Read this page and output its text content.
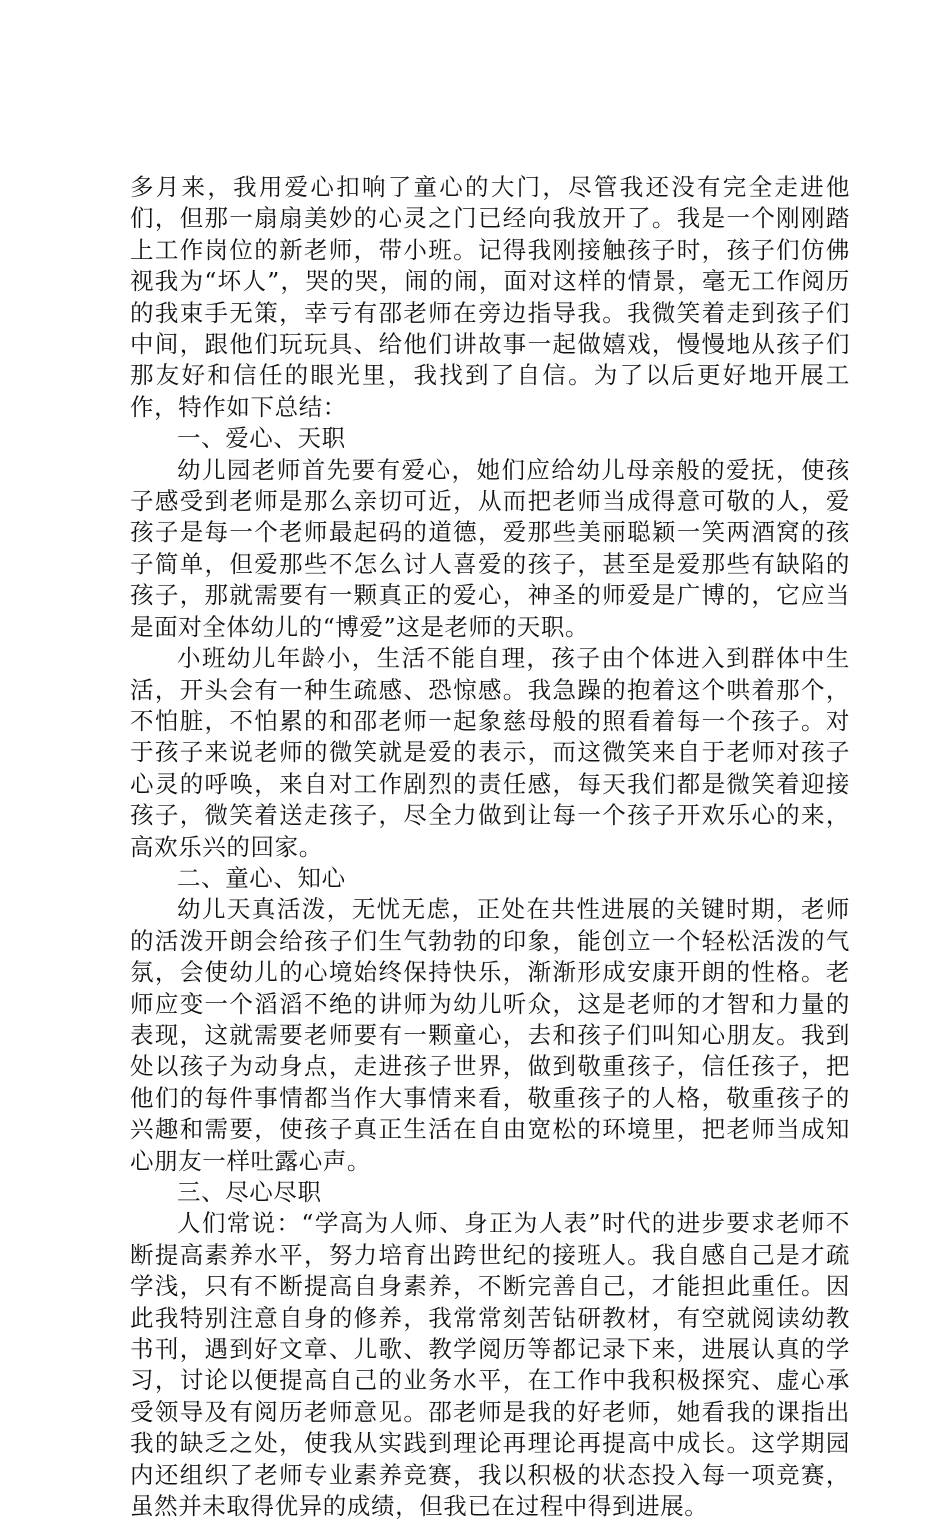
多月来，我用爱心扣响了童心的大门，尽管我还没有完全走进他们，但那一扇扇美妙的心灵之门已经向我放开了。我是一个刚刚踏上工作岗位的新老师，带小班。记得我刚接触孩子时，孩子们仿佛视我为“坏人”，哭的哭，闹的闹，面对这样的情景，毫无工作阅历的我束手无策，幸亏有邵老师在旁边指导我。我微笑着走到孩子们中间，跟他们玩玩具、给他们讲故事一起做嬉戏，慢慢地从孩子们那友好和信任的眼光里，我找到了自信。为了以后更好地开展工作，特作如下总结：

一、爱心、天职

幼儿园老师首先要有爱心，她们应给幼儿母亲般的爱抚，使孩子感受到老师是那么亲切可近，从而把老师当成得意可敬的人，爱孩子是每一个老师最起码的道德，爱那些美丽聪颖一笑两酒窝的孩子简单，但爱那些不怎么讨人喜爱的孩子，甚至是爱那些有缺陷的孩子，那就需要有一颗真正的爱心，神圣的师爱是广博的，它应当是面对全体幼儿的“博爱”这是老师的天职。

小班幼儿年龄小，生活不能自理，孩子由个体进入到群体中生活，开头会有一种生疏感、恐惊感。我急躁的抱着这个哄着那个，不怕脏，不怕累的和邵老师一起象慈母般的照看着每一个孩子。对于孩子来说老师的微笑就是爱的表示，而这微笑来自于老师对孩子心灵的呼唤，来自对工作剧烈的责任感，每天我们都是微笑着迎接孩子，微笑着送走孩子，尽全力做到让每一个孩子开欢乐心的来，高欢乐兴的回家。

二、童心、知心

幼儿天真活泼，无忧无虑，正处在共性进展的关键时期，老师的活泼开朗会给孩子们生气勃勃的印象，能创立一个轻松活泼的气氛，会使幼儿的心境始终保持快乐，渐渐形成安康开朗的性格。老师应变一个滔滔不绝的讲师为幼儿听众，这是老师的才智和力量的表现，这就需要老师要有一颗童心，去和孩子们叫知心朋友。我到处以孩子为动身点，走进孩子世界，做到敬重孩子，信任孩子，把他们的每件事情都当作大事情来看，敬重孩子的人格，敬重孩子的兴趣和需要，使孩子真正生活在自由宽松的环境里，把老师当成知心朋友一样吐露心声。

三、尽心尽职

人们常说：“学高为人师、身正为人表”时代的进步要求老师不断提高素养水平，努力培育出跨世纪的接班人。我自感自己是才疏学浅，只有不断提高自身素养，不断完善自己，才能担此重任。因此我特别注意自身的修养，我常常刻苦钻研教材，有空就阅读幼教书刊，遇到好文章、儿歌、教学阅历等都记录下来，进展认真的学习，讨论以便提高自己的业务水平，在工作中我积极探究、虚心承受领导及有阅历老师意见。邵老师是我的好老师，她看我的课指出我的缺乏之处，使我从实践到理论再理论再提高中成长。这学期园内还组织了老师专业素养竞赛，我以积极的状态投入每一项竞赛，虽然并未取得优异的成绩，但我已在过程中得到进展。
